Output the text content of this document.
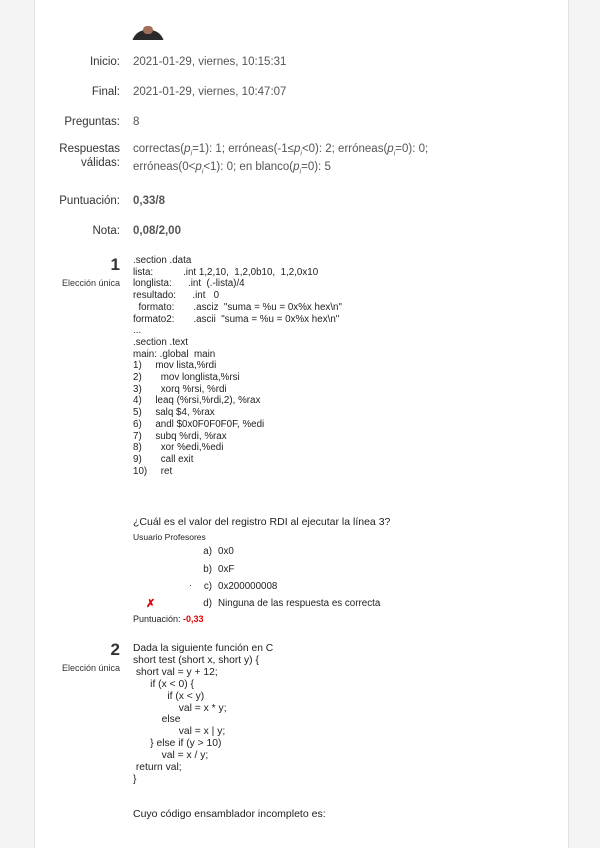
Inicio: 2021-01-29, viernes, 10:15:31
Final: 2021-01-29, viernes, 10:47:07
Preguntas: 8
Respuestas
válidas:
$correctas(p_i=1)$: 1; $erróneas(-1\le p_i<0)$: 2; $erróneas(p_i=0)$: 0;
$erróneas(0<p_i<1)$: 0; en $blanco(p_i=0)$: 5
Puntuación: 0,33/8
Nota: 0,08/2,00
1
Elección única
.section .data
lista:           .int 1,2,10,  1,2,0b10,  1,2,0x10
longlista:      .int  (.-lista)/4
resultado:      .int   0
formato:       .asciz  "suma = %u = 0x%x hex\n"
formato2:       .ascii  "suma = %u = 0x%x hex\n"
...
.section .text
main: .global  main
1)     mov lista,%rdi
2)       mov longlista,%rsi
3)       xorq %rsi, %rdi
4)     leaq (%rsi,%rdi,2), %rax
5)     salq $4, %rax
6)     andl $0x0F0F0F0F, %edi
7)     subq %rdi, %rax
8)       xor %edi,%edi
9)       call exit
10)     ret
¿Cuál es el valor del registro RDI al ejecutar la línea 3?
Usuario Profesores
a) 0x0
b) 0xF
·	c) 0x200000008
✗	d) Ninguna de las respuesta es correcta
Puntuación: -0,33
2
Elección única
Dada la siguiente función en C
short test (short x, short y) {
short val = y + 12;
if (x < 0) {
if (x < y)
val = x * y;
else
val = x | y;
} else if (y > 10)
val = x / y;
return val;
}
Cuyo código ensamblador incompleto es:
